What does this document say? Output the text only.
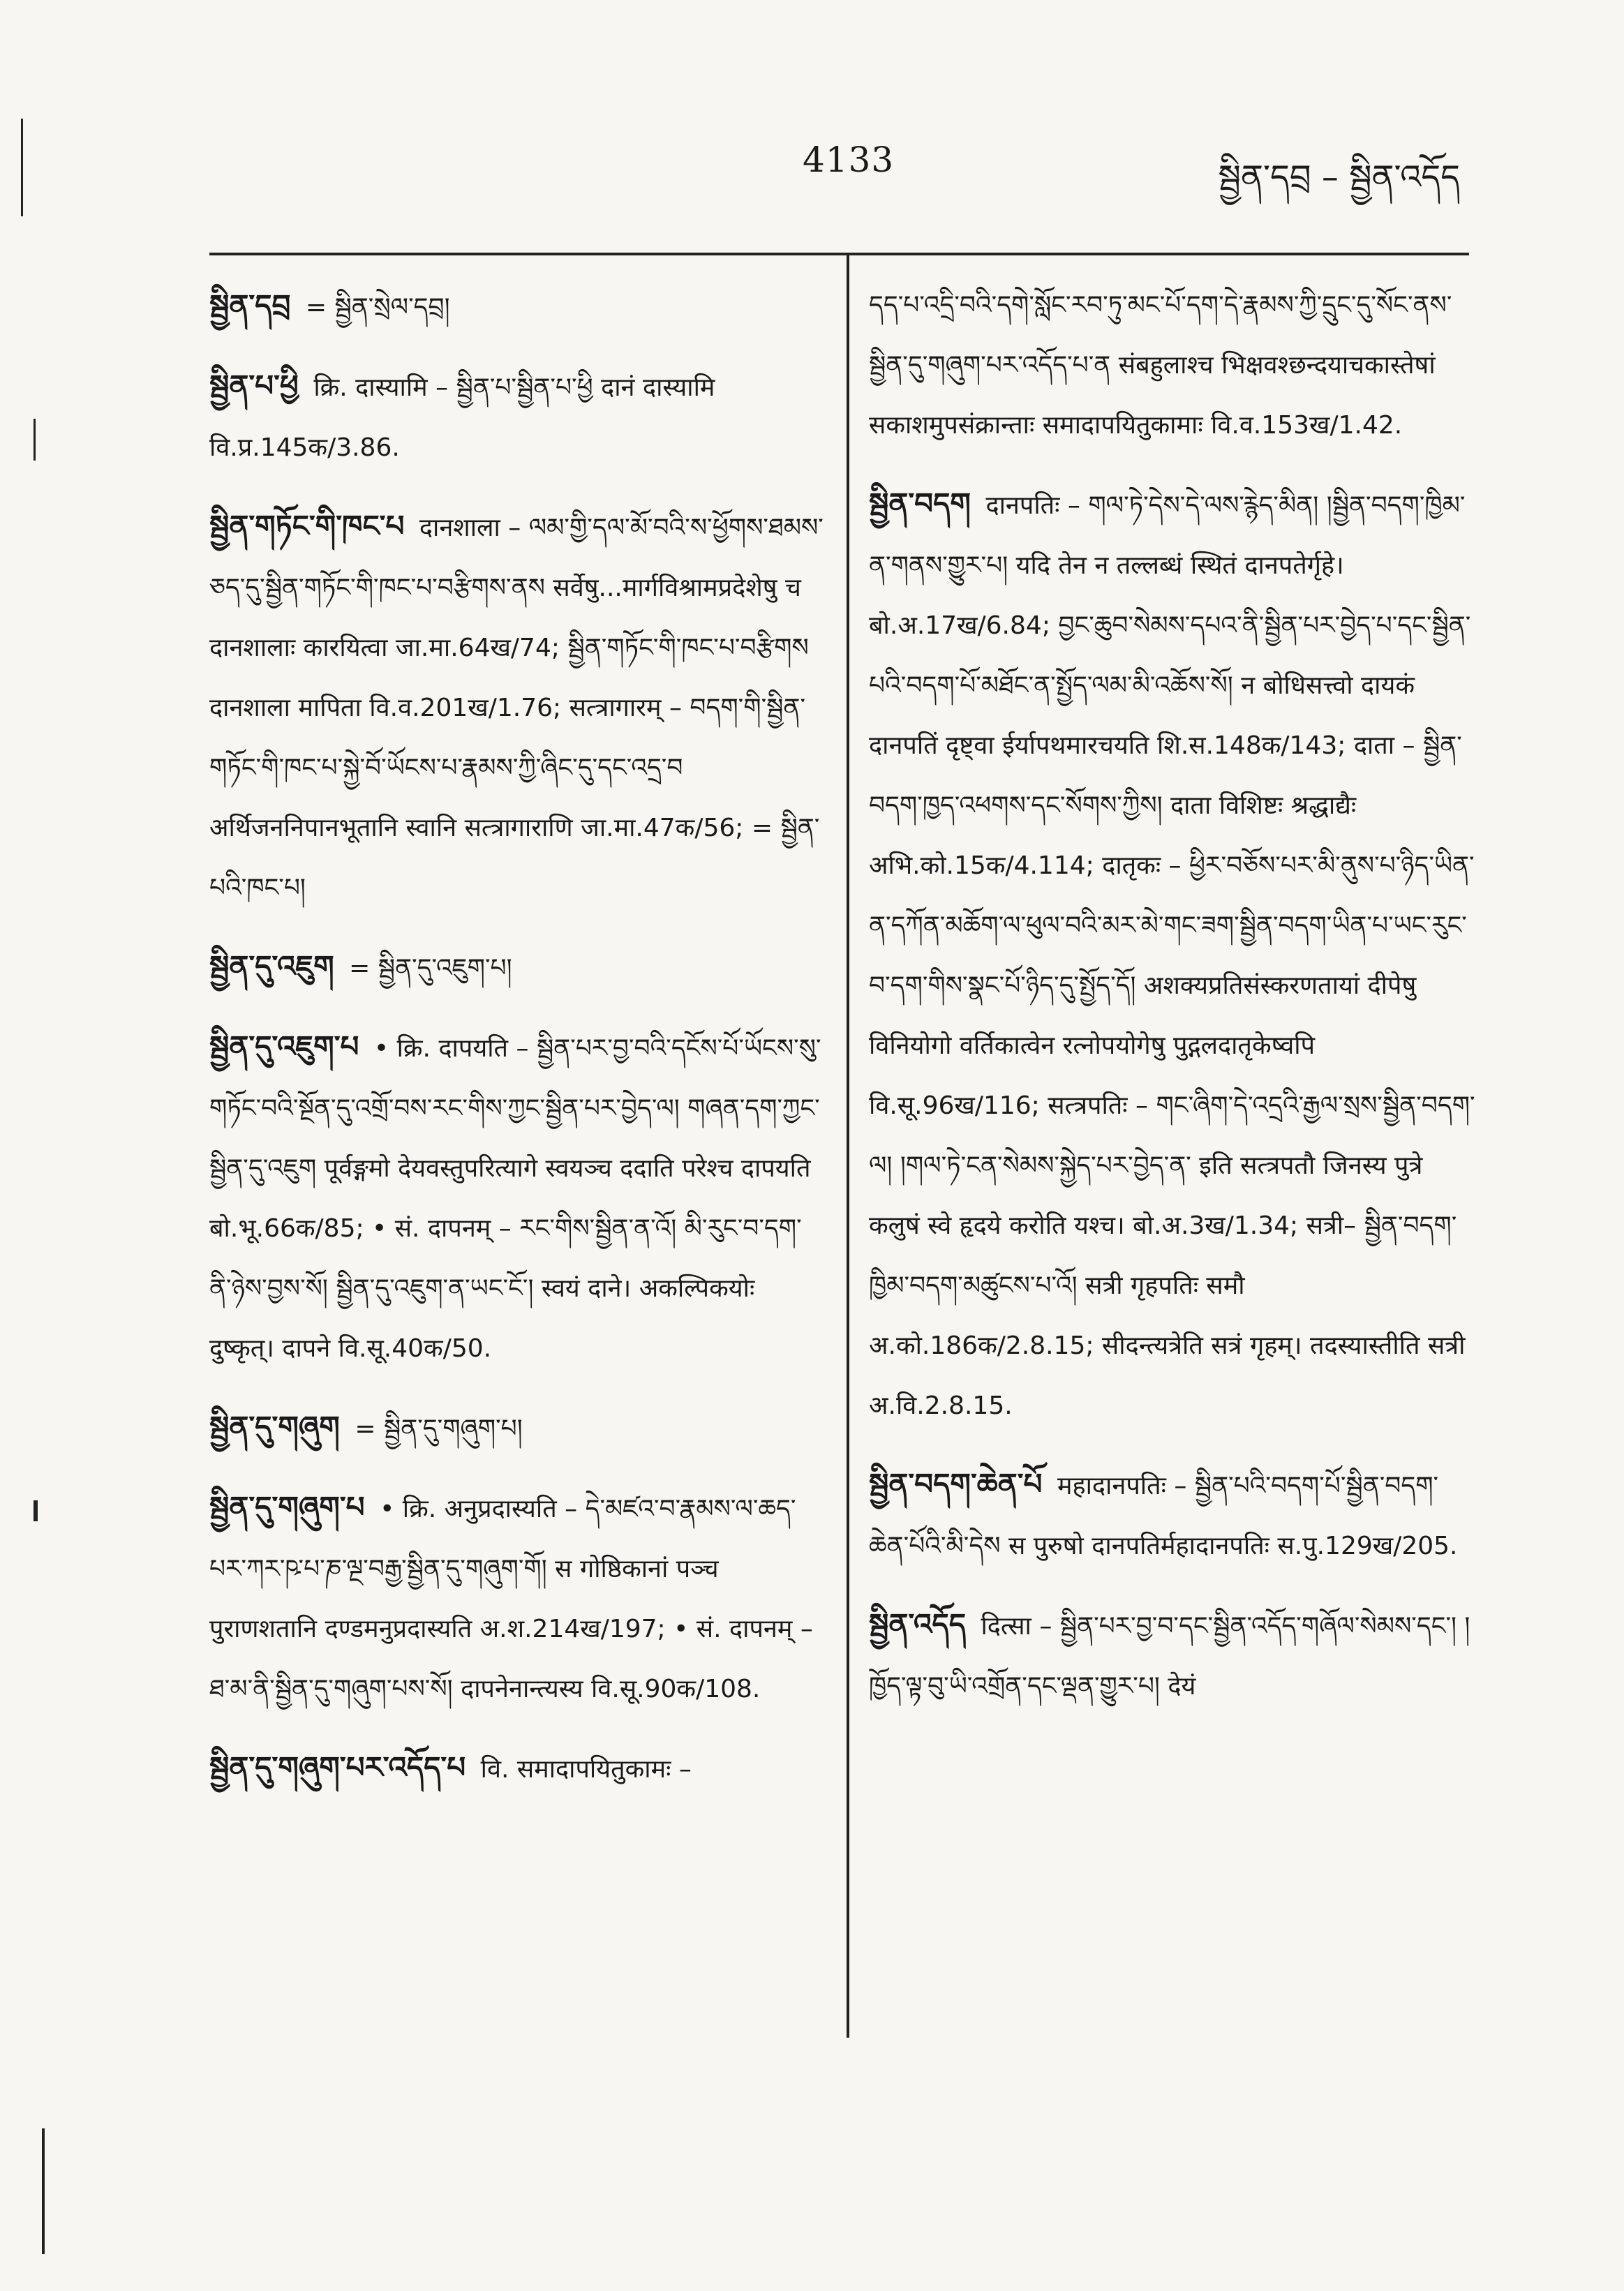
4133	སྦྱིན་དབྲ – སྦྱིན་འདོད
སྦྱིན་དབྲ = སྦྱིན་སྲེལ་དབྲ།
སྦྱིན་པ་ཕྱི क्रि. दास्यामि – སྦྱིན་པ་སྦྱིན་པ་ཕྱི दानं दास्यामि वि.प्र.145क/3.86.
སྦྱིན་གཏོང་གི་ཁང་པ दानशाला – ལམ་གྱི་དལ་མོ་བའི་ས་ཕྱོགས་ཐམས་ཅད་དུ་སྦྱིན་གཏོང་གི་ཁང་པ་བརྩིགས་ནས सर्वेषु...मार्गविश्रामप्रदेशेषु च दानशालाः कारयित्वा जा.मा.64ख/74; སྦྱིན་གཏོང་གི་ཁང་པ་བརྩིགས दानशाला मापिता वि.व.201ख/1.76; सत्त्रागारम् – བདག་གི་སྦྱིན་གཏོང་གི་ཁང་པ་སྐྱེ་བོ་ཡོངས་པ་རྣམས་ཀྱི་ཞིང་དུ་དང་འདྲ་བ अर्थिजननिपानभूतानि स्वानि सत्त्रागाराणि जा.मा.47क/56; = སྦྱིན་པའི་ཁང་པ།
སྦྱིན་དུ་འཇུག = སྦྱིན་དུ་འཇུག་པ།
སྦྱིན་དུ་འཇུག་པ • क्रि. दापयति – སྦྱིན་པར་བྱ་བའི་དངོས་པོ་ཡོངས་སུ་གཏོང་བའི་སྔོན་དུ་འགྲོ་བས་རང་གིས་ཀྱང་སྦྱིན་པར་བྱེད་ལ། གཞན་དག་ཀྱང་སྦྱིན་དུ་འཇུག पूर्वङ्गमो देयवस्तुपरित्यागे स्वयञ्च ददाति परेश्च दापयति बो.भू.66क/85; • सं. दापनम् – རང་གིས་སྦྱིན་ན་འོ། མི་རུང་བ་དག་ནི་ཉེས་བྱས་སོ། སྦྱིན་དུ་འཇུག་ན་ཡང་ངོ་། स्वयं दाने। अकल्पिकयोः दुष्कृत्। दापने वि.सू.40क/50.
སྦྱིན་དུ་གཞུག = སྦྱིན་དུ་གཞུག་པ།
སྦྱིན་དུ་གཞུག་པ • क्रि. अनुप्रदास्यति – དེ་མཛའ་བ་རྣམས་ལ་ཆད་པར་ཀར་ཥ་པ་ཎ་ལྔ་བརྒྱ་སྦྱིན་དུ་གཞུག་གོ། स गोष्ठिकानां पञ्च पुराणशतानि दण्डमनुप्रदास्यति अ.श.214ख/197; • सं. दापनम् – ཐ་མ་ནི་སྦྱིན་དུ་གཞུག་པས་སོ། दापनेनान्त्यस्य वि.सू.90क/108.
སྦྱིན་དུ་གཞུག་པར་འདོད་པ वि. समादापयितुकामः –
དད་པ་འདྲི་བའི་དགེ་སློང་རབ་ཏུ་མང་པོ་དག་དེ་རྣམས་ཀྱི་དྲུང་དུ་སོང་ནས་སྦྱིན་དུ་གཞུག་པར་འདོད་པ་ན संबहुलाश्च भिक्षवश्छन्दयाचकास्तेषां सकाशमुपसंक्रान्ताः समादापयितुकामाः वि.व.153ख/1.42.
སྦྱིན་བདག दानपतिः – གལ་ཏེ་དེས་དེ་ལས་རྙེད་མིན། །སྦྱིན་བདག་ཁྱིམ་ན་གནས་གྱུར་པ། यदि तेन न तल्लब्धं स्थितं दानपतेर्गृहे। बो.अ.17ख/6.84; བྱང་ཆུབ་སེམས་དཔའ་ནི་སྦྱིན་པར་བྱེད་པ་དང་སྦྱིན་པའི་བདག་པོ་མཐོང་ན་སྤྱོད་ལམ་མི་འཆོས་སོ། न बोधिसत्त्वो दायकं दानपतिं दृष्ट्वा ईर्यापथमारचयति शि.स.148क/143; दाता – སྦྱིན་བདག་ཁྱད་འཕགས་དང་སོགས་ཀྱིས། दाता विशिष्टः श्रद्धाद्यैः अभि.को.15क/4.114; दातृकः – ཕྱིར་བཅོས་པར་མི་ནུས་པ་ཉིད་ཡིན་ན་དཀོན་མཆོག་ལ་ཕུལ་བའི་མར་མེ་གང་ཟག་སྦྱིན་བདག་ཡིན་པ་ཡང་རུང་བ་དག་གིས་སྣང་པོ་ཉིད་དུ་སྤྱོད་དོ། अशक्यप्रतिसंस्करणतायां दीपेषु विनियोगो वर्तिकात्वेन रत्नोपयोगेषु पुद्गलदातृकेष्वपि वि.सू.96ख/116; सत्त्रपतिः – གང་ཞིག་དེ་འདྲའི་རྒྱལ་སྲས་སྦྱིན་བདག་ལ། །གལ་ཏེ་ངན་སེམས་སྐྱེད་པར་བྱེད་ན་ इति सत्त्रपतौ जिनस्य पुत्रे कलुषं स्वे हृदये करोति यश्च। बो.अ.3ख/1.34; सत्री– སྦྱིན་བདག་ཁྱིམ་བདག་མཚུངས་པ་འོ། सत्री गृहपतिः समौ अ.को.186क/2.8.15; सीदन्त्यत्रेति सत्रं गृहम्। तदस्यास्तीति सत्री अ.वि.2.8.15.
སྦྱིན་བདག་ཆེན་པོ महादानपतिः – སྦྱིན་པའི་བདག་པོ་སྦྱིན་བདག་ཆེན་པོའི་མི་དེས स पुरुषो दानपतिर्महादानपतिः स.पु.129ख/205.
སྦྱིན་འདོད दित्सा – སྦྱིན་པར་བྱ་བ་དང་སྦྱིན་འདོད་གཞོལ་སེམས་དང་། །ཁྱོད་ལྟ་བུ་ཡི་འགྲོན་དང་ལྡན་གྱུར་པ། देयं
